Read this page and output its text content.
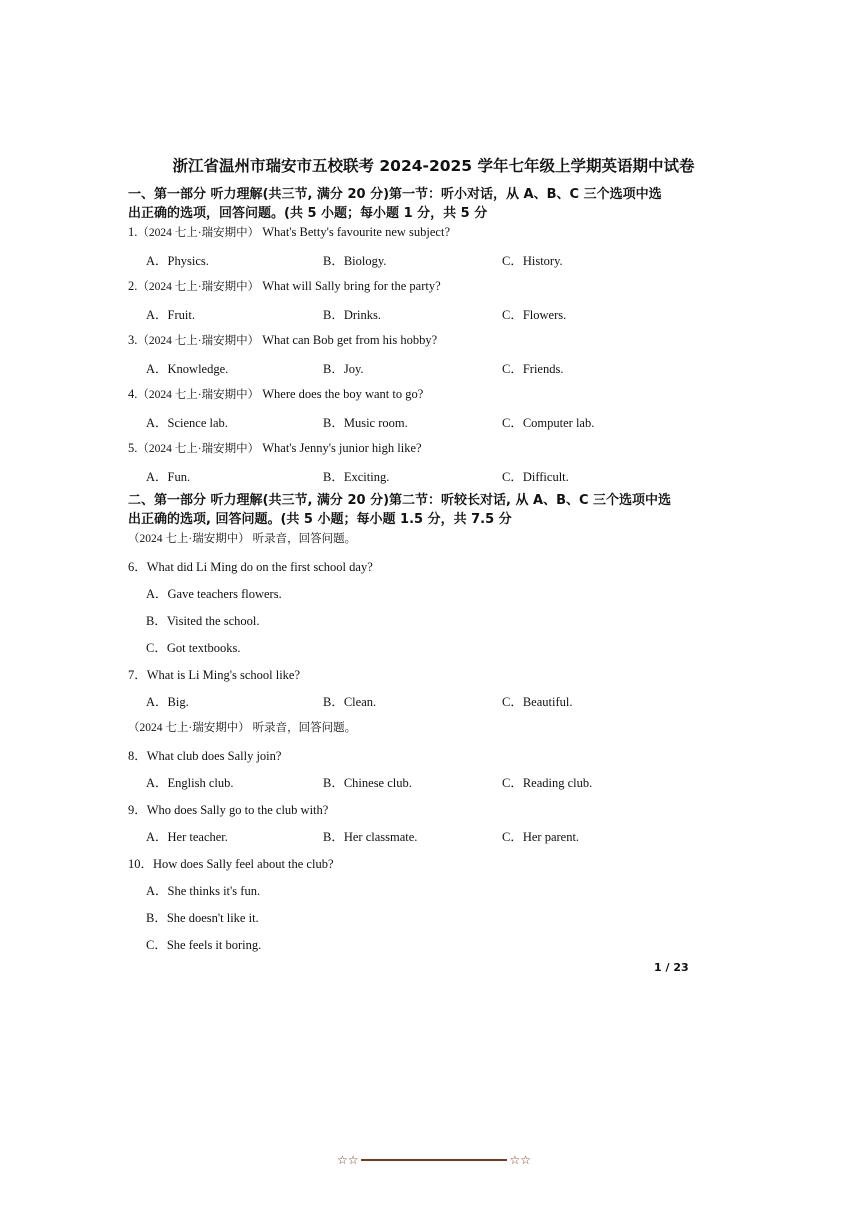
浙江省温州市瑞安市五校联考 2024-2025 学年七年级上学期英语期中试卷
一、第一部分 听力理解(共三节, 满分 20 分)第一节：听小对话，从 A、B、C 三个选项中选
出正确的选项，回答问题。(共 5 小题；每小题 1 分，共 5 分
1.（2024 七上·瑞安期中） What's Betty's favourite new subject?
A．Physics.	B．Biology.	C．History.
2.（2024 七上·瑞安期中） What will Sally bring for the party?
A．Fruit.	B．Drinks.	C．Flowers.
3.（2024 七上·瑞安期中） What can Bob get from his hobby?
A．Knowledge.	B．Joy.	C．Friends.
4.（2024 七上·瑞安期中） Where does the boy want to go?
A．Science lab.	B．Music room.	C．Computer lab.
5.（2024 七上·瑞安期中） What's Jenny's junior high like?
A．Fun.	B．Exciting.	C．Difficult.
二、第一部分 听力理解(共三节, 满分 20 分)第二节：听较长对话, 从 A、B、C 三个选项中选
出正确的选项, 回答问题。(共 5 小题；每小题 1.5 分，共 7.5 分
（2024 七上·瑞安期中） 听录音，回答问题。
6．What did Li Ming do on the first school day?
A．Gave teachers flowers.
B．Visited the school.
C．Got textbooks.
7．What is Li Ming's school like?
A．Big.	B．Clean.	C．Beautiful.
（2024 七上·瑞安期中） 听录音，回答问题。
8．What club does Sally join?
A．English club.	B．Chinese club.	C．Reading club.
9．Who does Sally go to the club with?
A．Her teacher.	B．Her classmate.	C．Her parent.
10．How does Sally feel about the club?
A．She thinks it's fun.
B．She doesn't like it.
C．She feels it boring.
1 / 23
☆☆	☆☆
